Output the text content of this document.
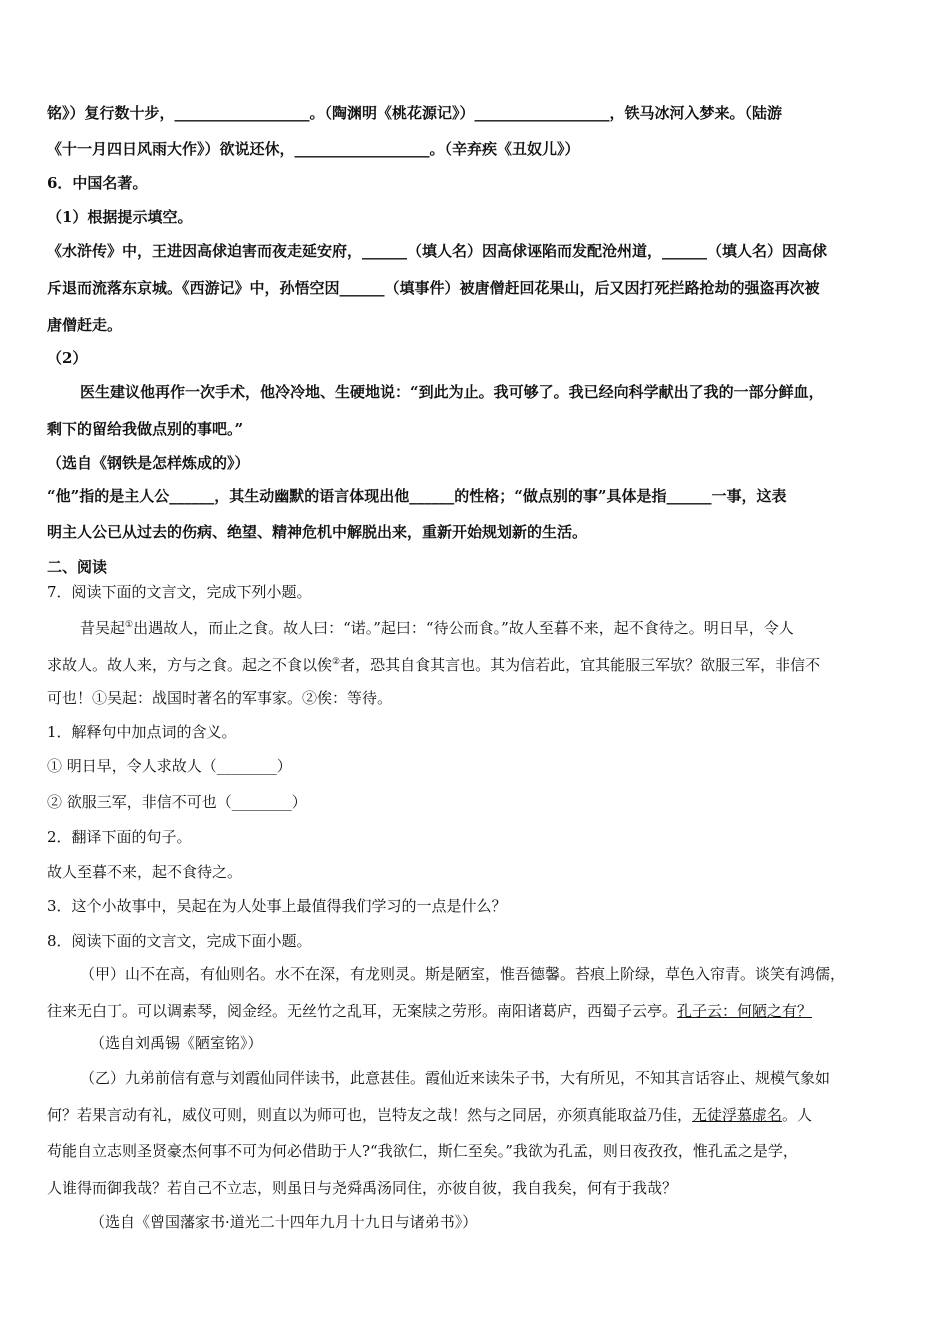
铭》）复行数十步，__________________。（陶渊明《桃花源记》）__________________，铁马冰河入梦来。（陆游
《十一月四日风雨大作》）欲说还休，__________________。（辛弃疾《丑奴儿》）
6．中国名著。
（1）根据提示填空。
《水浒传》中，王进因高俅迫害而夜走延安府，______（填人名）因高俅诬陷而发配沧州道，______（填人名）因高俅
斥退而流落东京城。《西游记》中，孙悟空因______（填事件）被唐僧赶回花果山，后又因打死拦路抢劫的强盗再次被
唐僧赶走。
（2）
医生建议他再作一次手术，他冷冷地、生硬地说：“到此为止。我可够了。我已经向科学献出了我的一部分鲜血，
剩下的留给我做点别的事吧。”
（选自《钢铁是怎样炼成的》）
“他”指的是主人公______，其生动幽默的语言体现出他______的性格；“做点别的事”具体是指______一事，这表
明主人公已从过去的伤病、绝望、精神危机中解脱出来，重新开始规划新的生活。
二、阅读
7．阅读下面的文言文，完成下列小题。
昔吴起①出遇故人，而止之食。故人曰：“诺。”起曰：“待公而食。”故人至暮不来，起不食待之。明日早，令人
求故人。故人来，方与之食。起之不食以俟②者，恐其自食其言也。其为信若此，宜其能服三军欤？欲服三军，非信不
可也！①吴起：战国时著名的军事家。②俟：等待。
1．解释句中加点词的含义。
① 明日早，令人求故人（________）
② 欲服三军，非信不可也（________）
2．翻译下面的句子。
故人至暮不来，起不食待之。
3．这个小故事中，吴起在为人处事上最值得我们学习的一点是什么？
8．阅读下面的文言文，完成下面小题。
（甲）山不在高，有仙则名。水不在深，有龙则灵。斯是陋室，惟吾德馨。苔痕上阶绿，草色入帘青。谈笑有鸿儒，
往来无白丁。可以调素琴，阅金经。无丝竹之乱耳，无案牍之劳形。南阳诸葛庐，西蜀子云亭。孔子云：何陋之有？
（选自刘禹锡《陋室铭》）
（乙）九弟前信有意与刘霞仙同伴读书，此意甚佳。霞仙近来读朱子书，大有所见，不知其言话容止、规模气象如
何？若果言动有礼，威仪可则，则直以为师可也，岂特友之哉！然与之同居，亦须真能取益乃佳，无徒浮慕虚名。人
苟能自立志则圣贤豪杰何事不可为何必借助于人?“我欲仁，斯仁至矣。”我欲为孔孟，则日夜孜孜，惟孔孟之是学，
人谁得而御我哉？若自己不立志，则虽日与尧舜禹汤同住，亦彼自彼，我自我矣，何有于我哉？
（选自《曾国藩家书·道光二十四年九月十九日与诸弟书》）
